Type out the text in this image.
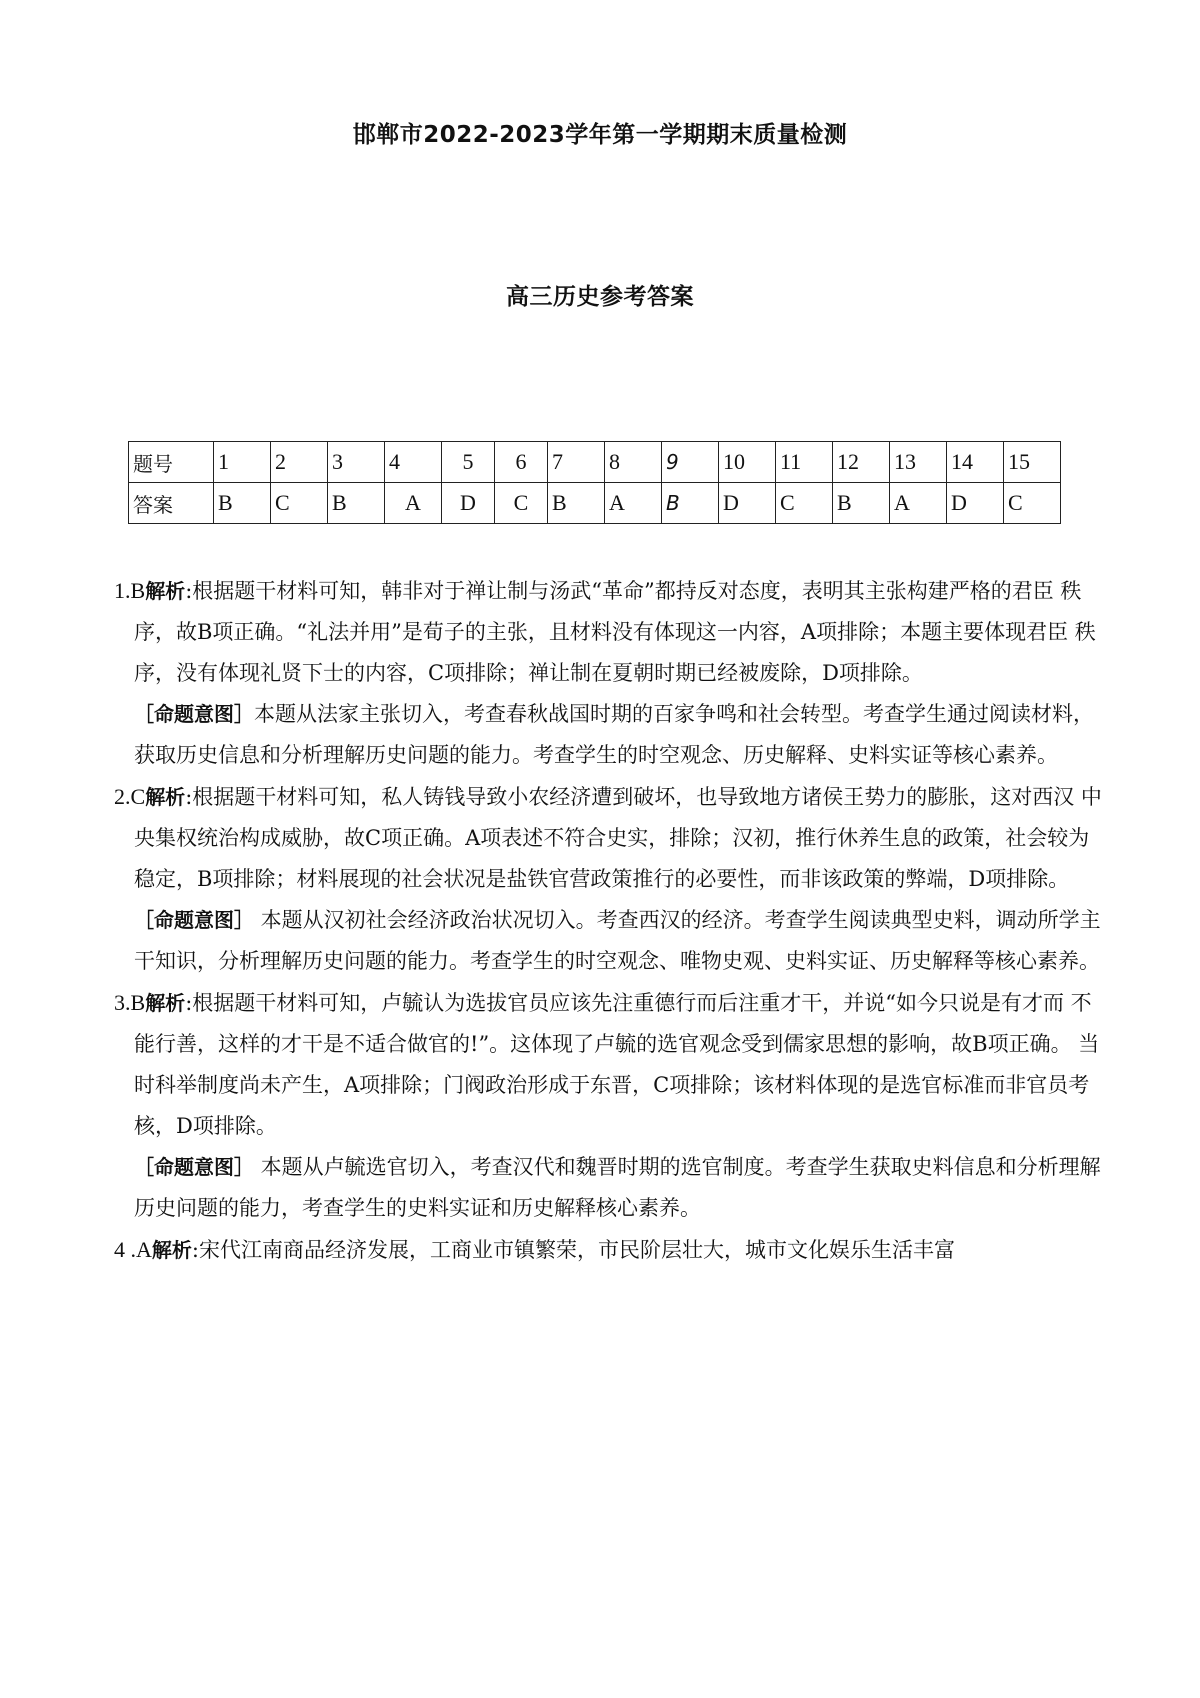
邯郸市2022-2023学年第一学期期末质量检测
高三历史参考答案
题号	1	2	3	4	5	6	7	8	9	10	11	12	13	14	15
答案	B	C	B	A	D	C	B	A	B	D	C	B	A	D	C

1.B解析:根据题干材料可知，韩非对于禅让制与汤武“革命”都持反对态度，表明其主张构建严格的君臣 秩序，故B项正确。“礼法并用”是荀子的主张，且材料没有体现这一内容，A项排除；本题主要体现君臣 秩序，没有体现礼贤下士的内容，C项排除；禅让制在夏朝时期已经被废除，D项排除。

［命题意图］本题从法家主张切入，考查春秋战国时期的百家争鸣和社会转型。考查学生通过阅读材料， 获取历史信息和分析理解历史问题的能力。考查学生的时空观念、历史解释、史料实证等核心素养。

2.C解析:根据题干材料可知，私人铸钱导致小农经济遭到破坏，也导致地方诸侯王势力的膨胀，这对西汉 中央集权统治构成威胁，故C项正确。A项表述不符合史实，排除；汉初，推行休养生息的政策，社会较为 稳定，B项排除；材料展现的社会状况是盐铁官营政策推行的必要性，而非该政策的弊端，D项排除。

［命题意图］ 本题从汉初社会经济政治状况切入。考查西汉的经济。考查学生阅读典型史料，调动所学主干知识，分析理解历史问题的能力。考查学生的时空观念、唯物史观、史料实证、历史解释等核心素养。

3.B解析:根据题干材料可知，卢毓认为选拔官员应该先注重德行而后注重才干，并说“如今只说是有才而 不能行善，这样的才干是不适合做官的!”。这体现了卢毓的选官观念受到儒家思想的影响，故B项正确。 当时科举制度尚未产生，A项排除；门阀政治形成于东晋，C项排除；该材料体现的是选官标准而非官员考 核，D项排除。

［命题意图］ 本题从卢毓选官切入，考查汉代和魏晋时期的选官制度。考查学生获取史料信息和分析理解 历史问题的能力，考查学生的史料实证和历史解释核心素养。

4 .A解析:宋代江南商品经济发展，工商业市镇繁荣，市民阶层壮大，城市文化娱乐生活丰富
